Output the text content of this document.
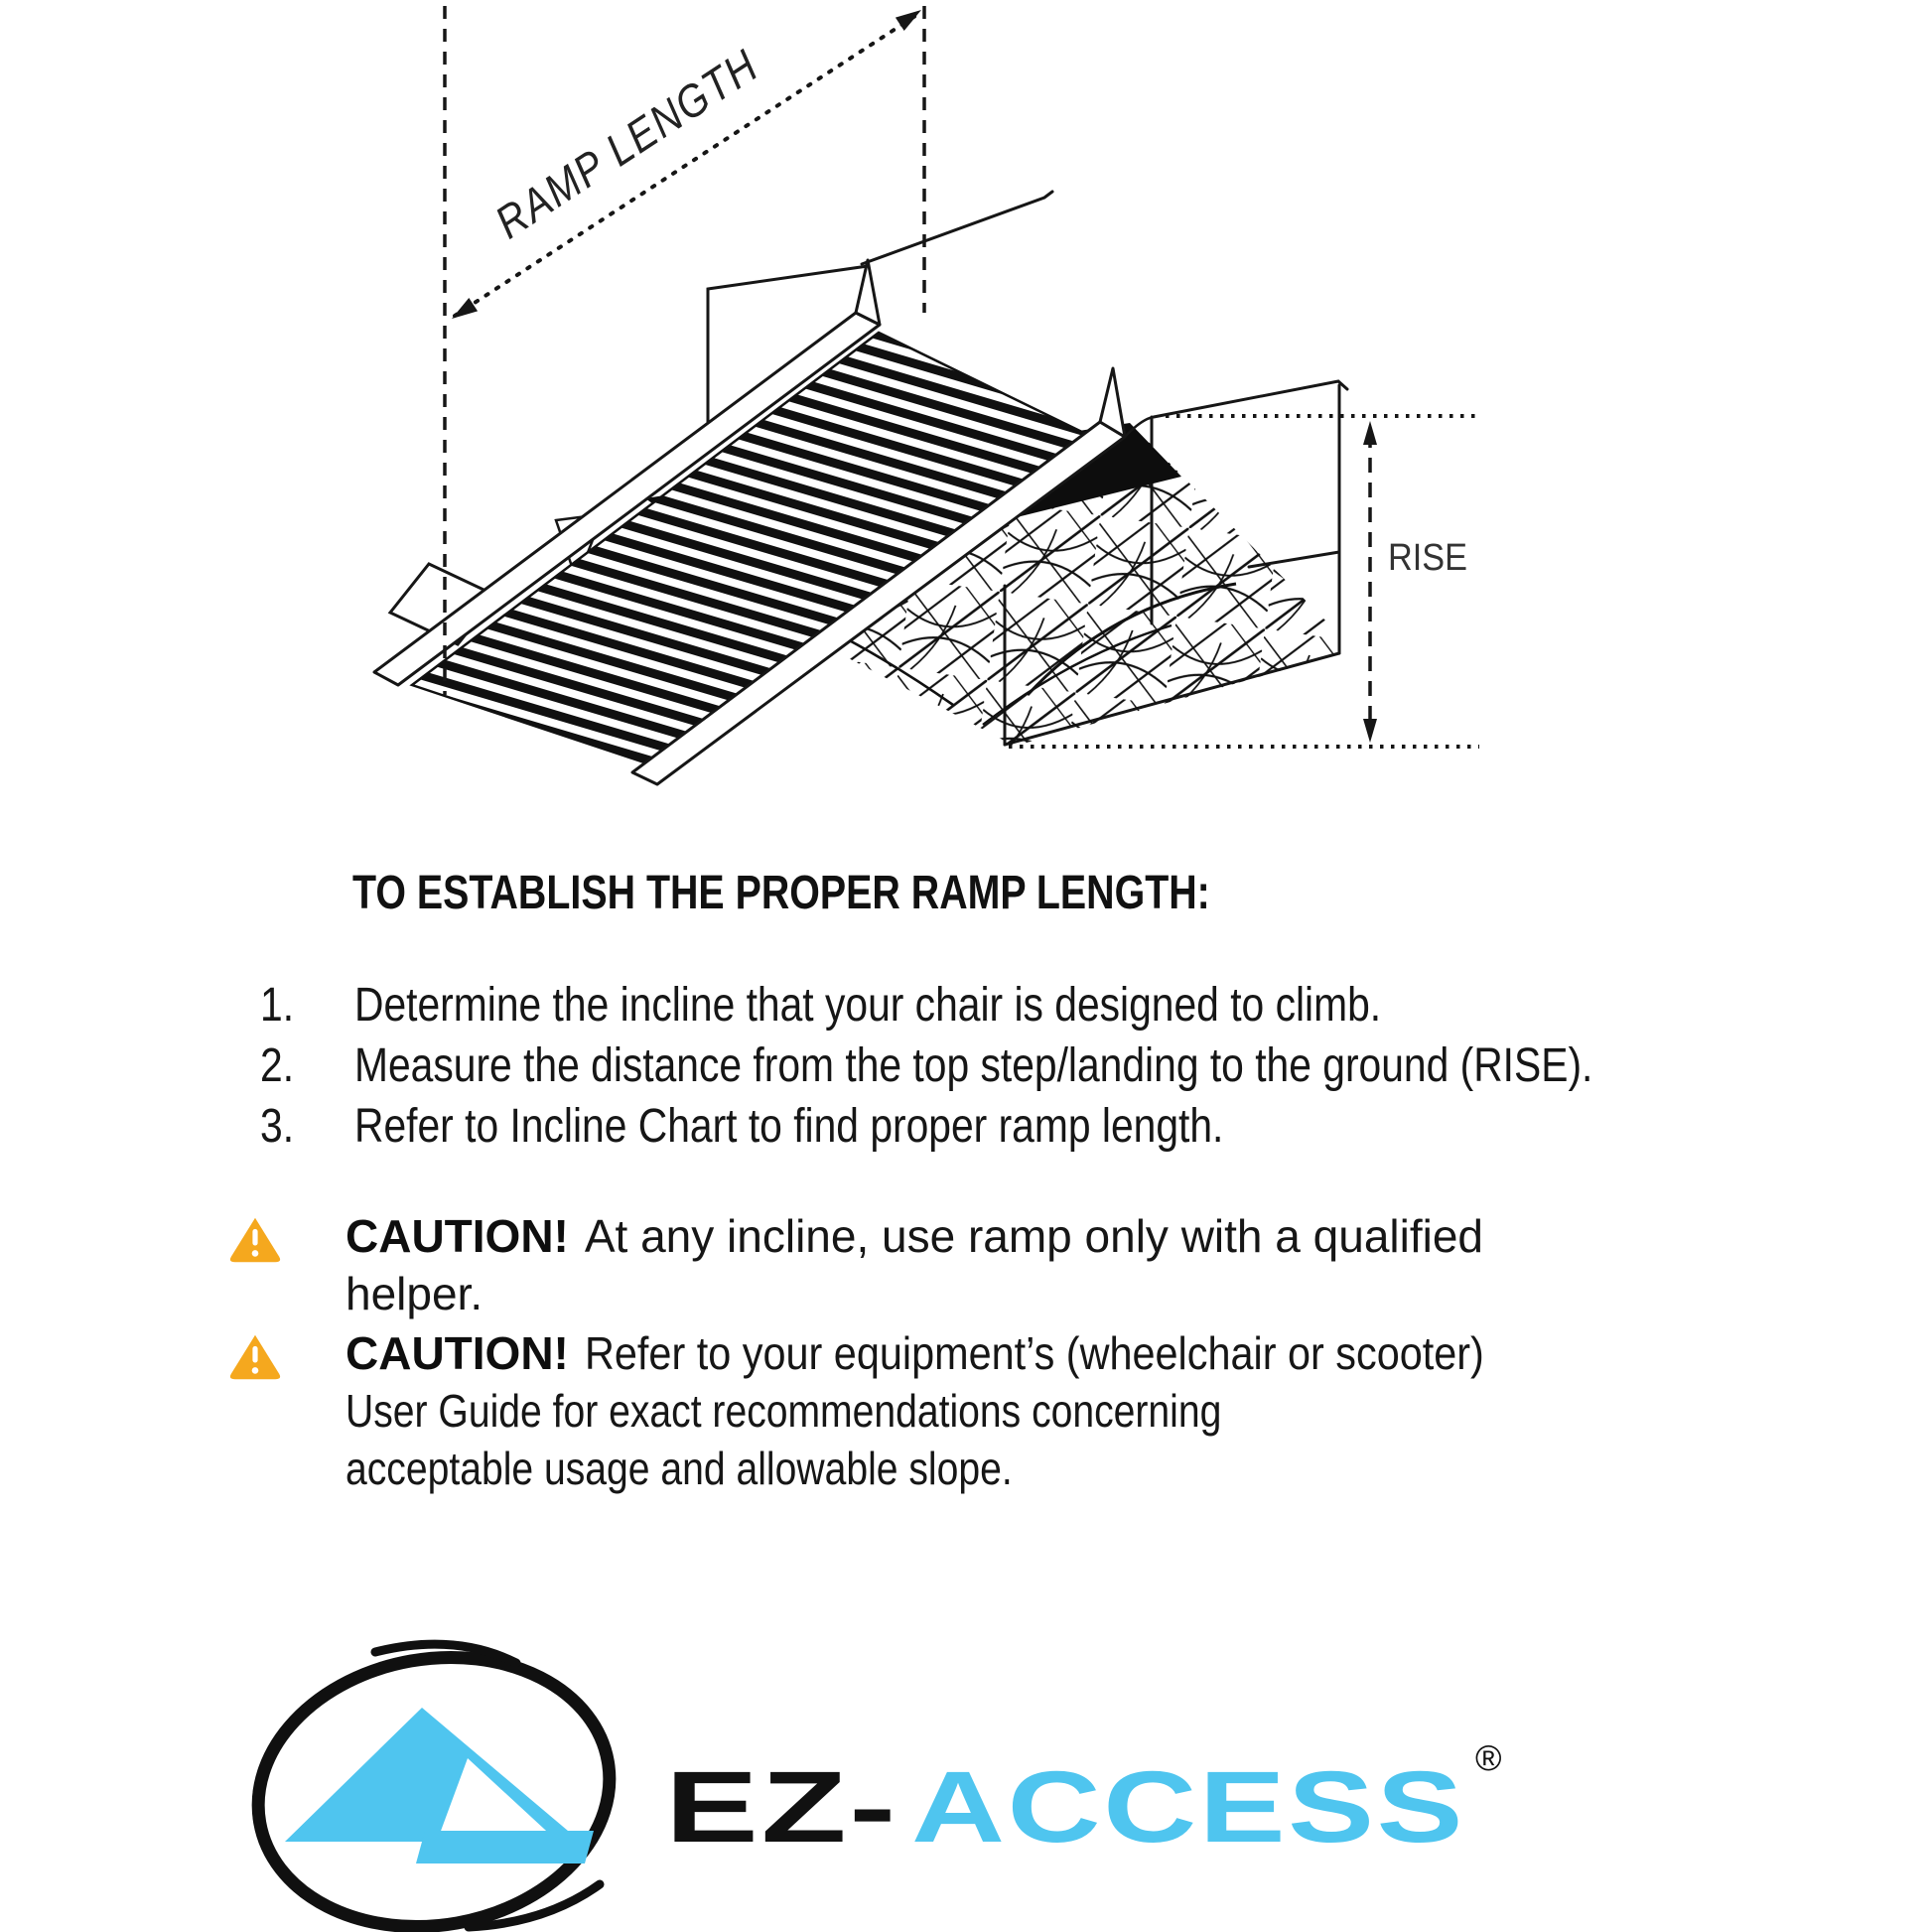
RISE
RAMP LENGTH
TO ESTABLISH THE PROPER RAMP LENGTH:
1.	Determine the incline that your chair is designed to climb.
2.	Measure the distance from the top step/landing to the ground (RISE).
3.	Refer to Incline Chart to find proper ramp length.
CAUTION! At any incline, use ramp only with a qualified
helper.
CAUTION! Refer to your equipment’s (wheelchair or scooter)
User Guide for exact recommendations concerning
acceptable usage and allowable slope.
EZ- ACCESS ®
